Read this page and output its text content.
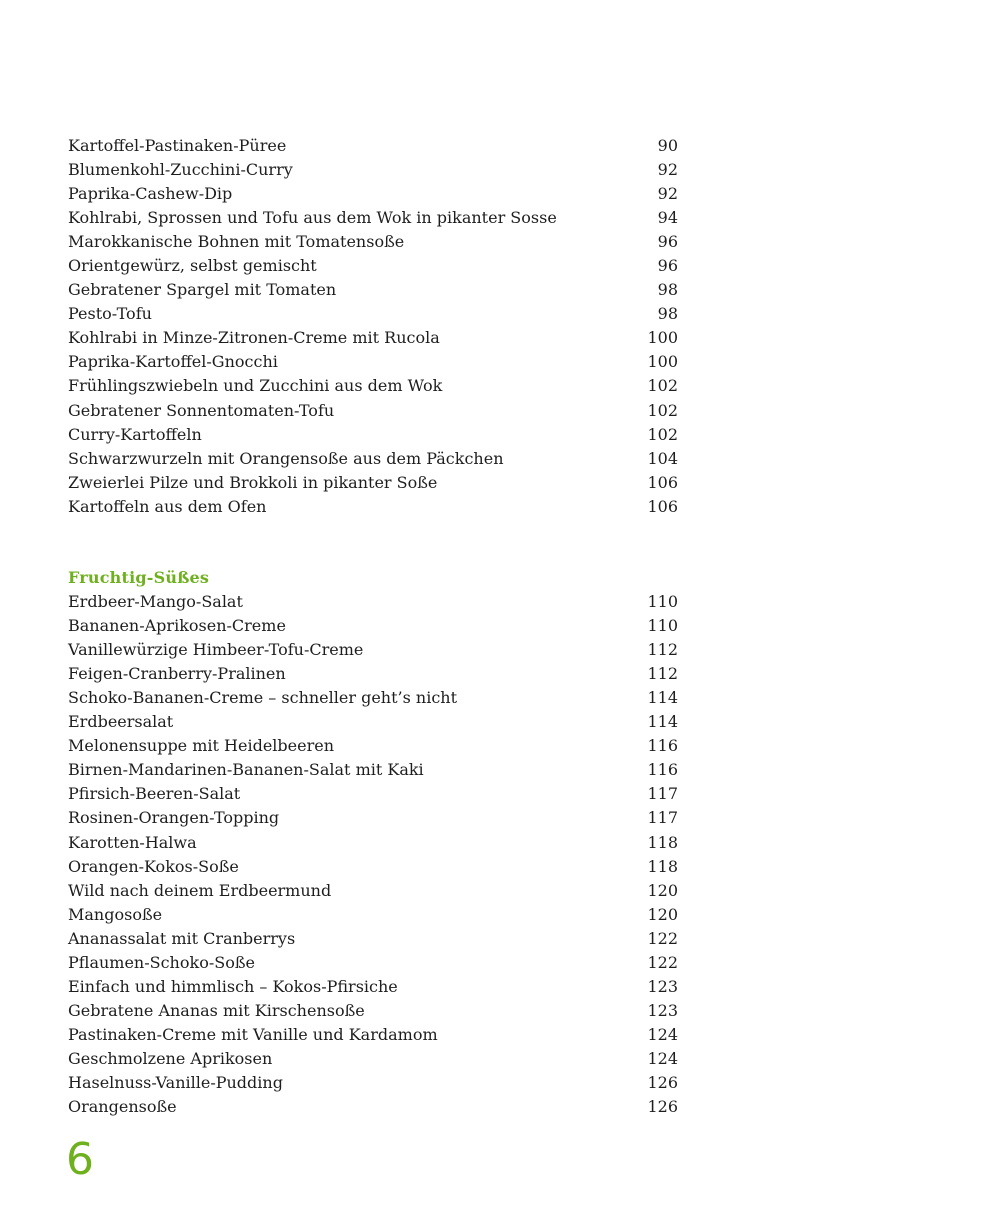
Kartoffel-Pastinaken-Püree	90
Blumenkohl-Zucchini-Curry	92
Paprika-Cashew-Dip	92
Kohlrabi, Sprossen und Tofu aus dem Wok in pikanter Sosse	94
Marokkanische Bohnen mit Tomatensoße	96
Orientgewürz, selbst gemischt	96
Gebratener Spargel mit Tomaten	98
Pesto-Tofu	98
Kohlrabi in Minze-Zitronen-Creme mit Rucola	100
Paprika-Kartoffel-Gnocchi	100
Frühlingszwiebeln und Zucchini aus dem Wok	102
Gebratener Sonnentomaten-Tofu	102
Curry-Kartoffeln	102
Schwarzwurzeln mit Orangensoße aus dem Päckchen	104
Zweierlei Pilze und Brokkoli in pikanter Soße	106
Kartoffeln aus dem Ofen	106
Fruchtig-Süßes
Erdbeer-Mango-Salat	110
Bananen-Aprikosen-Creme	110
Vanillewürzige Himbeer-Tofu-Creme	112
Feigen-Cranberry-Pralinen	112
Schoko-Bananen-Creme – schneller geht’s nicht	114
Erdbeersalat	114
Melonensuppe mit Heidelbeeren	116
Birnen-Mandarinen-Bananen-Salat mit Kaki	116
Pfirsich-Beeren-Salat	117
Rosinen-Orangen-Topping	117
Karotten-Halwa	118
Orangen-Kokos-Soße	118
Wild nach deinem Erdbeermund	120
Mangosoße	120
Ananassalat mit Cranberrys	122
Pflaumen-Schoko-Soße	122
Einfach und himmlisch – Kokos-Pfirsiche	123
Gebratene Ananas mit Kirschensoße	123
Pastinaken-Creme mit Vanille und Kardamom	124
Geschmolzene Aprikosen	124
Haselnuss-Vanille-Pudding	126
Orangensoße	126
6
